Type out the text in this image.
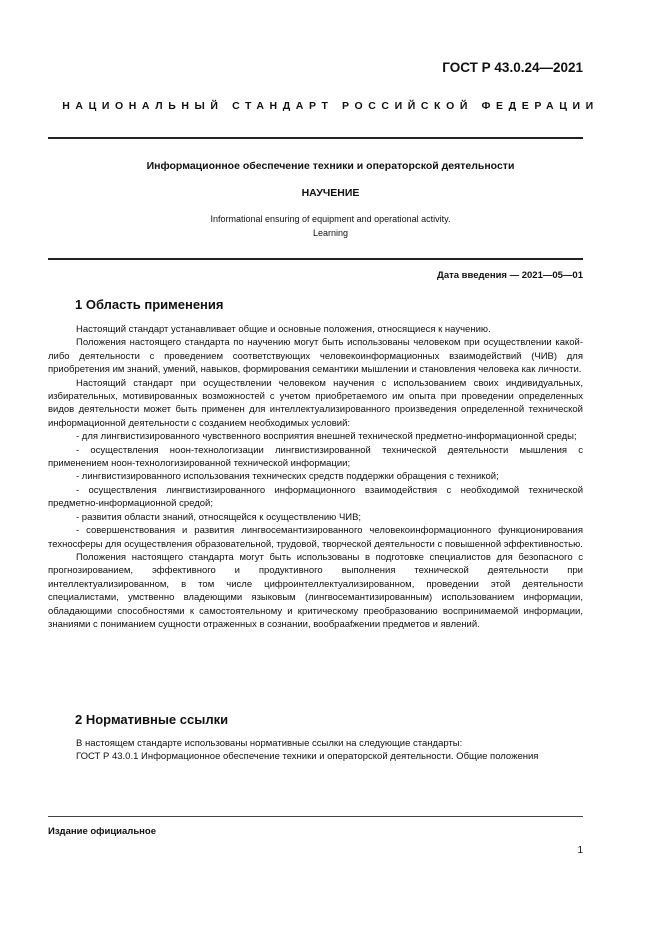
ГОСТ Р 43.0.24—2021
НАЦИОНАЛЬНЫЙ СТАНДАРТ РОССИЙСКОЙ ФЕДЕРАЦИИ
Информационное обеспечение техники и операторской деятельности
НАУЧЕНИЕ
Informational ensuring of equipment and operational activity.
Learning
Дата введения — 2021—05—01
1 Область применения

Настоящий стандарт устанавливает общие и основные положения, относящиеся к научению.

Положения настоящего стандарта по научению могут быть использованы человеком при осуществлении какой-либо деятельности с проведением соответствующих человекоинформационных взаимодействий (ЧИВ) для приобретения им знаний, умений, навыков, формирования семантики мышлении и становления человека как личности.

Настоящий стандарт при осуществлении человеком научения с использованием своих индивидуальных, избирательных, мотивированных возможностей с учетом приобретаемого им опыта при проведении определенных видов деятельности может быть применен для интеллектуализированного произведения определенной технической информационной деятельности с созданием необходимых условий:

- для лингвистизированного чувственного восприятия внешней технической предметно-информационной среды;

- осуществления ноон-технологизации лингвистизированной технической деятельности мышления с применением ноон-технологизированной технической информации;

- лингвистизированного использования технических средств поддержки обращения с техникой;

- осуществления лингвистизированного информационного взаимодействия с необходимой технической предметно-информационной средой;

- развития области знаний, относящейся к осуществлению ЧИВ;

- совершенствования и развития лингвосемантизированного человекоинформационного функционирования техносферы для осуществления образовательной, трудовой, творческой деятельности с повышенной эффективностью.

Положения настоящего стандарта могут быть использованы в подготовке специалистов для безопасного с прогнозированием, эффективного и продуктивного выполнения технической деятельности при интеллектуализированном, в том числе цифроинтеллектуализированном, проведении этой деятельности специалистами, умственно владеющими языковым (лингвосемантизированным) использованием информации, обладающими способностями к самостоятельному и критическому преобразованию воспринимаемой информации, знаниями с пониманием сущности отраженных в сознании, вообраafжении предметов и явлений.

2 Нормативные ссылки

В настоящем стандарте использованы нормативные ссылки на следующие стандарты:

ГОСТ Р 43.0.1 Информационное обеспечение техники и операторской деятельности. Общие положения

Издание официальное
1
